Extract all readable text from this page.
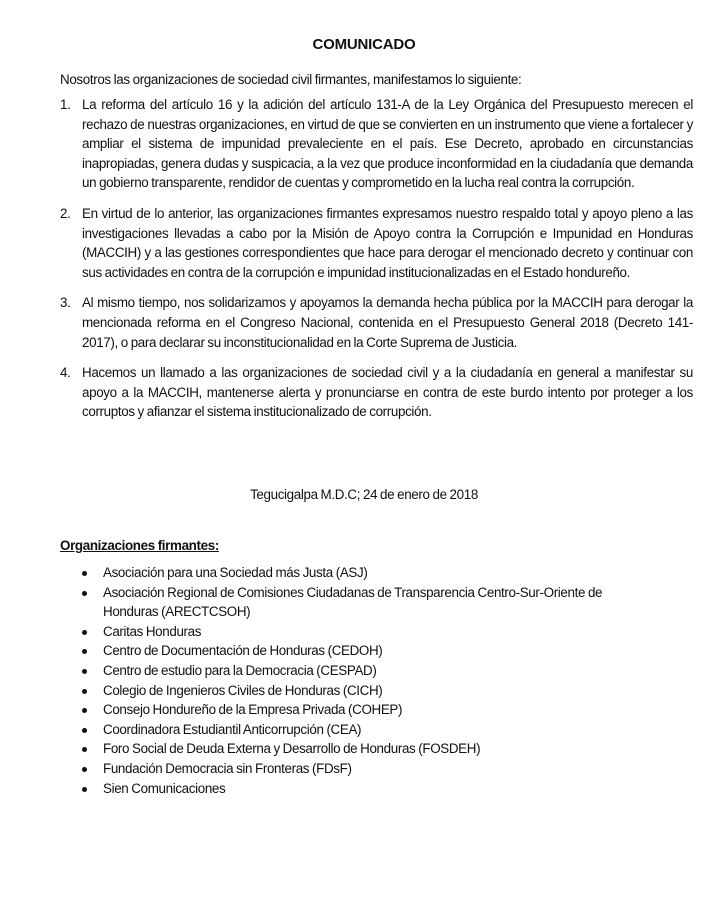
COMUNICADO
Nosotros las organizaciones de sociedad civil firmantes, manifestamos lo siguiente:
1. La reforma del artículo 16 y la adición del artículo 131-A de la Ley Orgánica del Presupuesto merecen el rechazo de nuestras organizaciones, en virtud de que se convierten en un instrumento que viene a fortalecer y ampliar el sistema de impunidad prevaleciente en el país. Ese Decreto, aprobado en circunstancias inapropiadas, genera dudas y suspicacia, a la vez que produce inconformidad en la ciudadanía que demanda un gobierno transparente, rendidor de cuentas y comprometido en la lucha real contra la corrupción.
2. En virtud de lo anterior, las organizaciones firmantes expresamos nuestro respaldo total y apoyo pleno a las investigaciones llevadas a cabo por la Misión de Apoyo contra la Corrupción e Impunidad en Honduras (MACCIH) y a las gestiones correspondientes que hace para derogar el mencionado decreto y continuar con sus actividades en contra de la corrupción e impunidad institucionalizadas en el Estado hondureño.
3. Al mismo tiempo, nos solidarizamos y apoyamos la demanda hecha pública por la MACCIH para derogar la mencionada reforma en el Congreso Nacional, contenida en el Presupuesto General 2018 (Decreto 141-2017), o para declarar su inconstitucionalidad en la Corte Suprema de Justicia.
4. Hacemos un llamado a las organizaciones de sociedad civil y a la ciudadanía en general a manifestar su apoyo a la MACCIH, mantenerse alerta y pronunciarse en contra de este burdo intento por proteger a los corruptos y afianzar el sistema institucionalizado de corrupción.
Tegucigalpa M.D.C; 24 de enero de 2018
Organizaciones firmantes:
Asociación para una Sociedad más Justa (ASJ)
Asociación Regional de Comisiones Ciudadanas de Transparencia Centro-Sur-Oriente de Honduras (ARECTCSOH)
Caritas Honduras
Centro de Documentación de Honduras (CEDOH)
Centro de estudio para la Democracia (CESPAD)
Colegio de Ingenieros Civiles de Honduras (CICH)
Consejo Hondureño de la Empresa Privada (COHEP)
Coordinadora Estudiantil Anticorrupción (CEA)
Foro Social de Deuda Externa y Desarrollo de Honduras (FOSDEH)
Fundación Democracia sin Fronteras (FDsF)
Sien Comunicaciones
